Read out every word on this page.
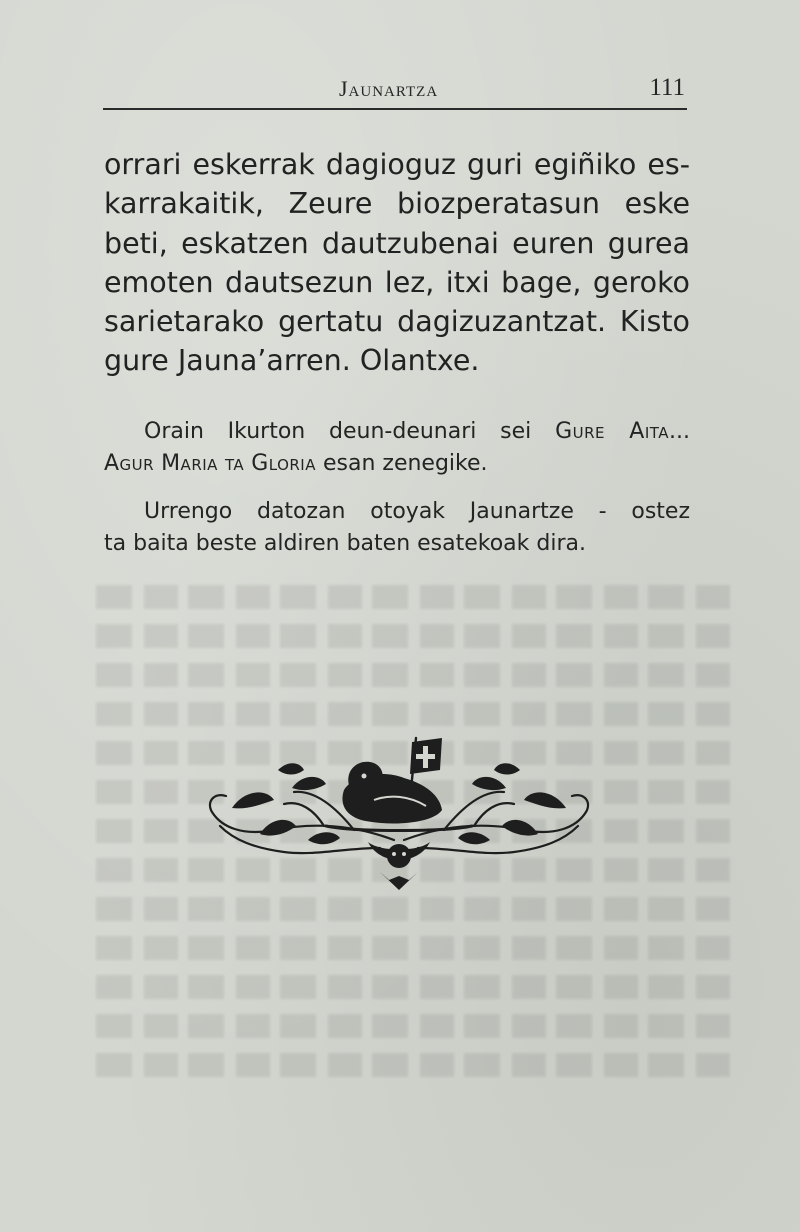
Jaunartza	111
orrari eskerrak dagioguz guri egiñiko es-
karrakaitik, Zeure biozperatasun eske
beti, eskatzen dautzubenai euren gurea
emoten dautsezun lez, itxi bage, geroko
sarietarako gertatu dagizuzantzat. Kisto
gure Jauna’arren. Olantxe.
Orain Ikurton deun-deunari sei Gure Aita...
Agur Maria ta Gloria esan zenegike.
Urrengo datozan otoyak Jaunartze - ostez
ta baita beste aldiren baten esatekoak dira.
